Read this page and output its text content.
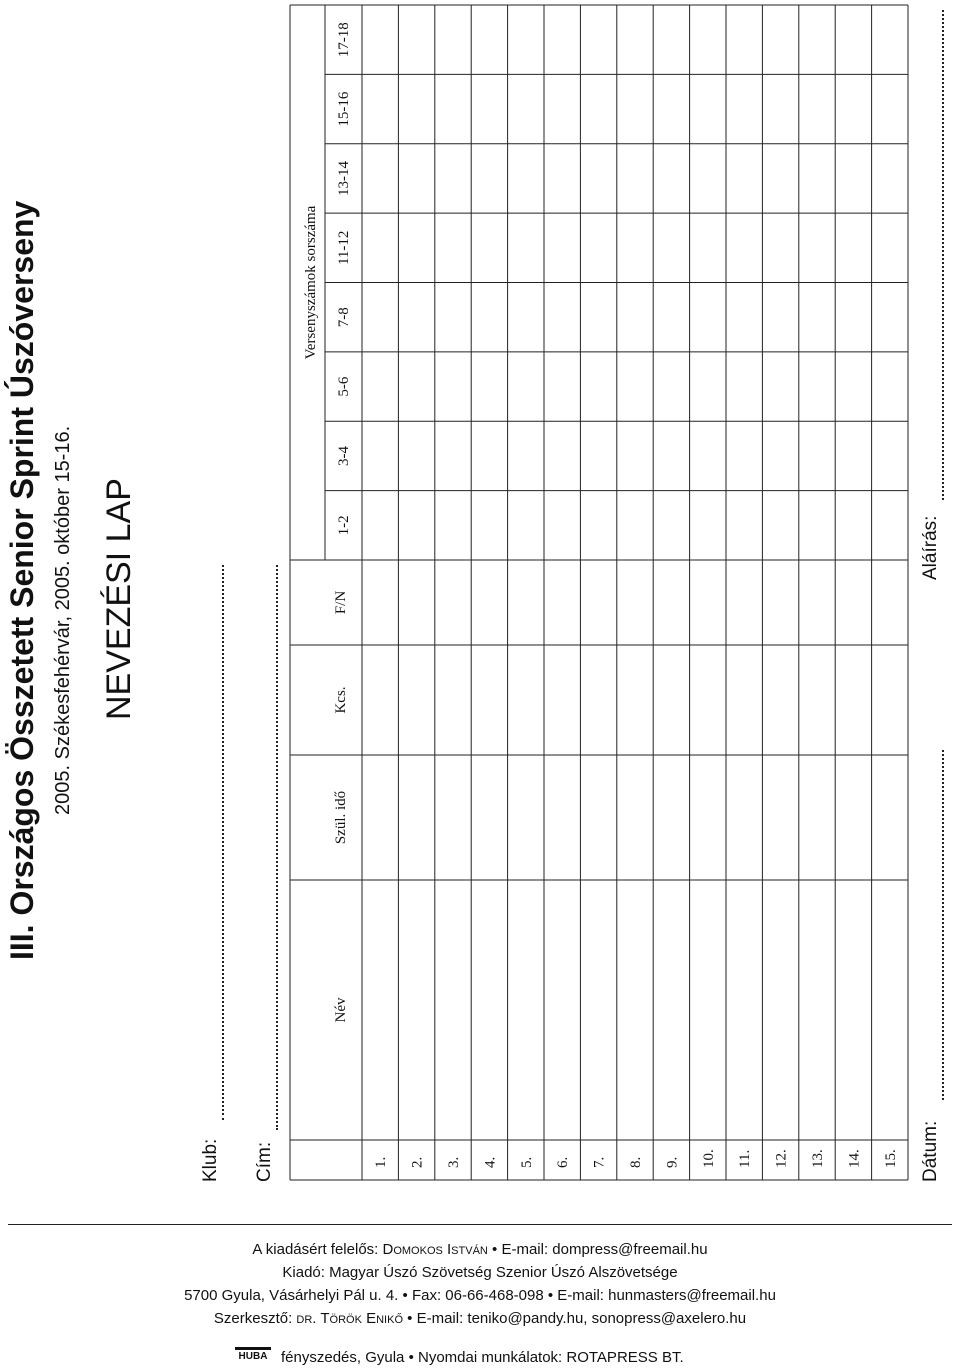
III. Országos Összetett Senior Sprint Úszóverseny 2005. Székesfehérvár, 2005. október 15-16. NEVEZÉSI LAP
Klub: Cím:
Név
Szül. idő
Kcs.
F/N
Versenyszámok sorszáma
1-2
3-4
5-6
7-8
11-12
13-14
15-16
17-18
1. 2. 3. 4. 5. 6. 7. 8. 9. 10. 11. 12. 13. 14. 15. Dátum:
Aláírás:
A kiadásért felelős: Domokos István • E-mail: dompress@freemail.hu
Kiadó: Magyar Úszó Szövetség Szenior Úszó Alszövetsége
5700 Gyula, Vásárhelyi Pál u. 4. • Fax: 06-66-468-098 • E-mail: hunmasters@freemail.hu
Szerkesztő: dr. Török Enikő • E-mail: teniko@pandy.hu, sonopress@axelero.hu
HUBA fényszedés, Gyula • Nyomdai munkálatok: ROTAPRESS BT.
